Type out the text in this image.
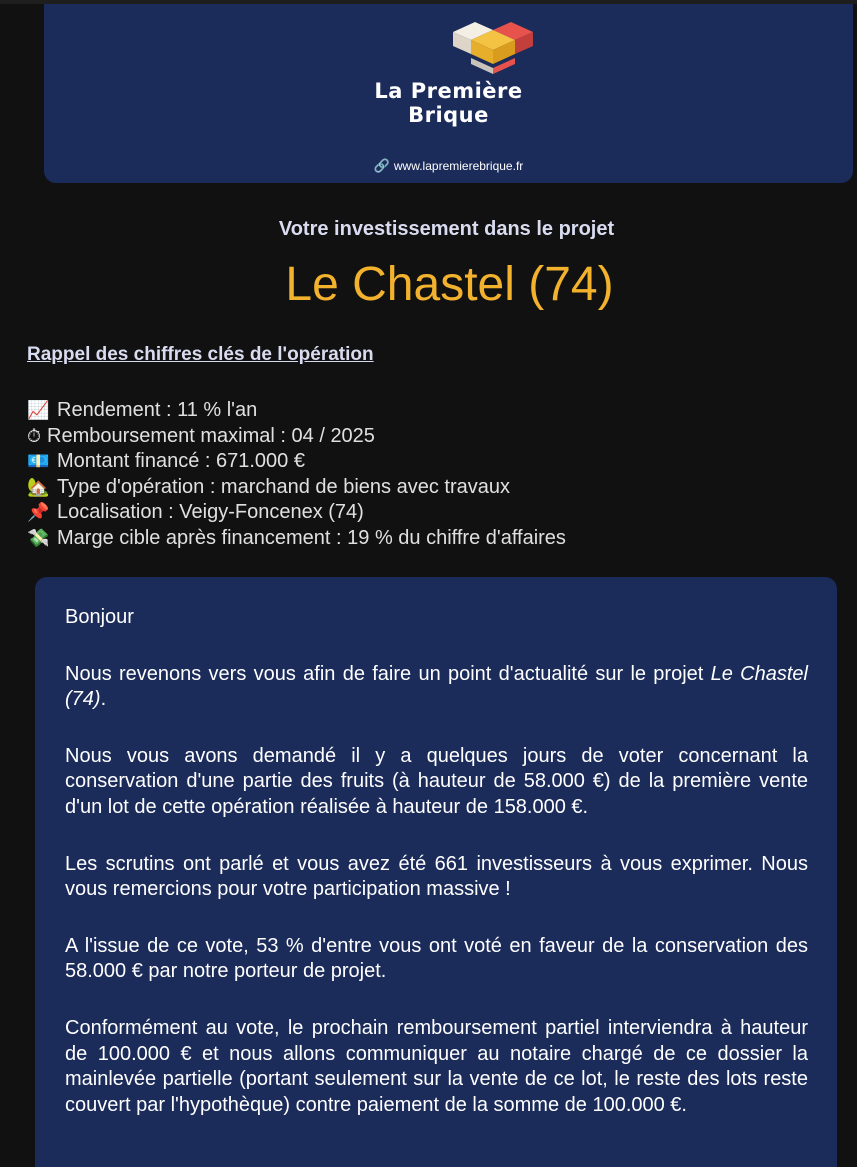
La Première
Brique
🔗 www.lapremierebrique.fr
Votre investissement dans le projet
Le Chastel (74)
Rappel des chiffres clés de l'opération
📈 Rendement : 11 % l'an
⏱ Remboursement maximal : 04 / 2025
💶 Montant financé : 671.000 €
🏡 Type d'opération : marchand de biens avec travaux
📌 Localisation : Veigy-Foncenex (74)
💸 Marge cible après financement : 19 % du chiffre d'affaires

Bonjour

Nous revenons vers vous afin de faire un point d'actualité sur le projet Le Chastel (74).

Nous vous avons demandé il y a quelques jours de voter concernant la conservation d'une partie des fruits (à hauteur de 58.000 €) de la première vente d'un lot de cette opération réalisée à hauteur de 158.000 €.

Les scrutins ont parlé et vous avez été 661 investisseurs à vous exprimer. Nous vous remercions pour votre participation massive !

A l'issue de ce vote, 53 % d'entre vous ont voté en faveur de la conservation des 58.000 € par notre porteur de projet.

Conformément au vote, le prochain remboursement partiel interviendra à hauteur de 100.000 € et nous allons communiquer au notaire chargé de ce dossier la mainlevée partielle (portant seulement sur la vente de ce lot, le reste des lots reste couvert par l'hypothèque) contre paiement de la somme de 100.000 €.
